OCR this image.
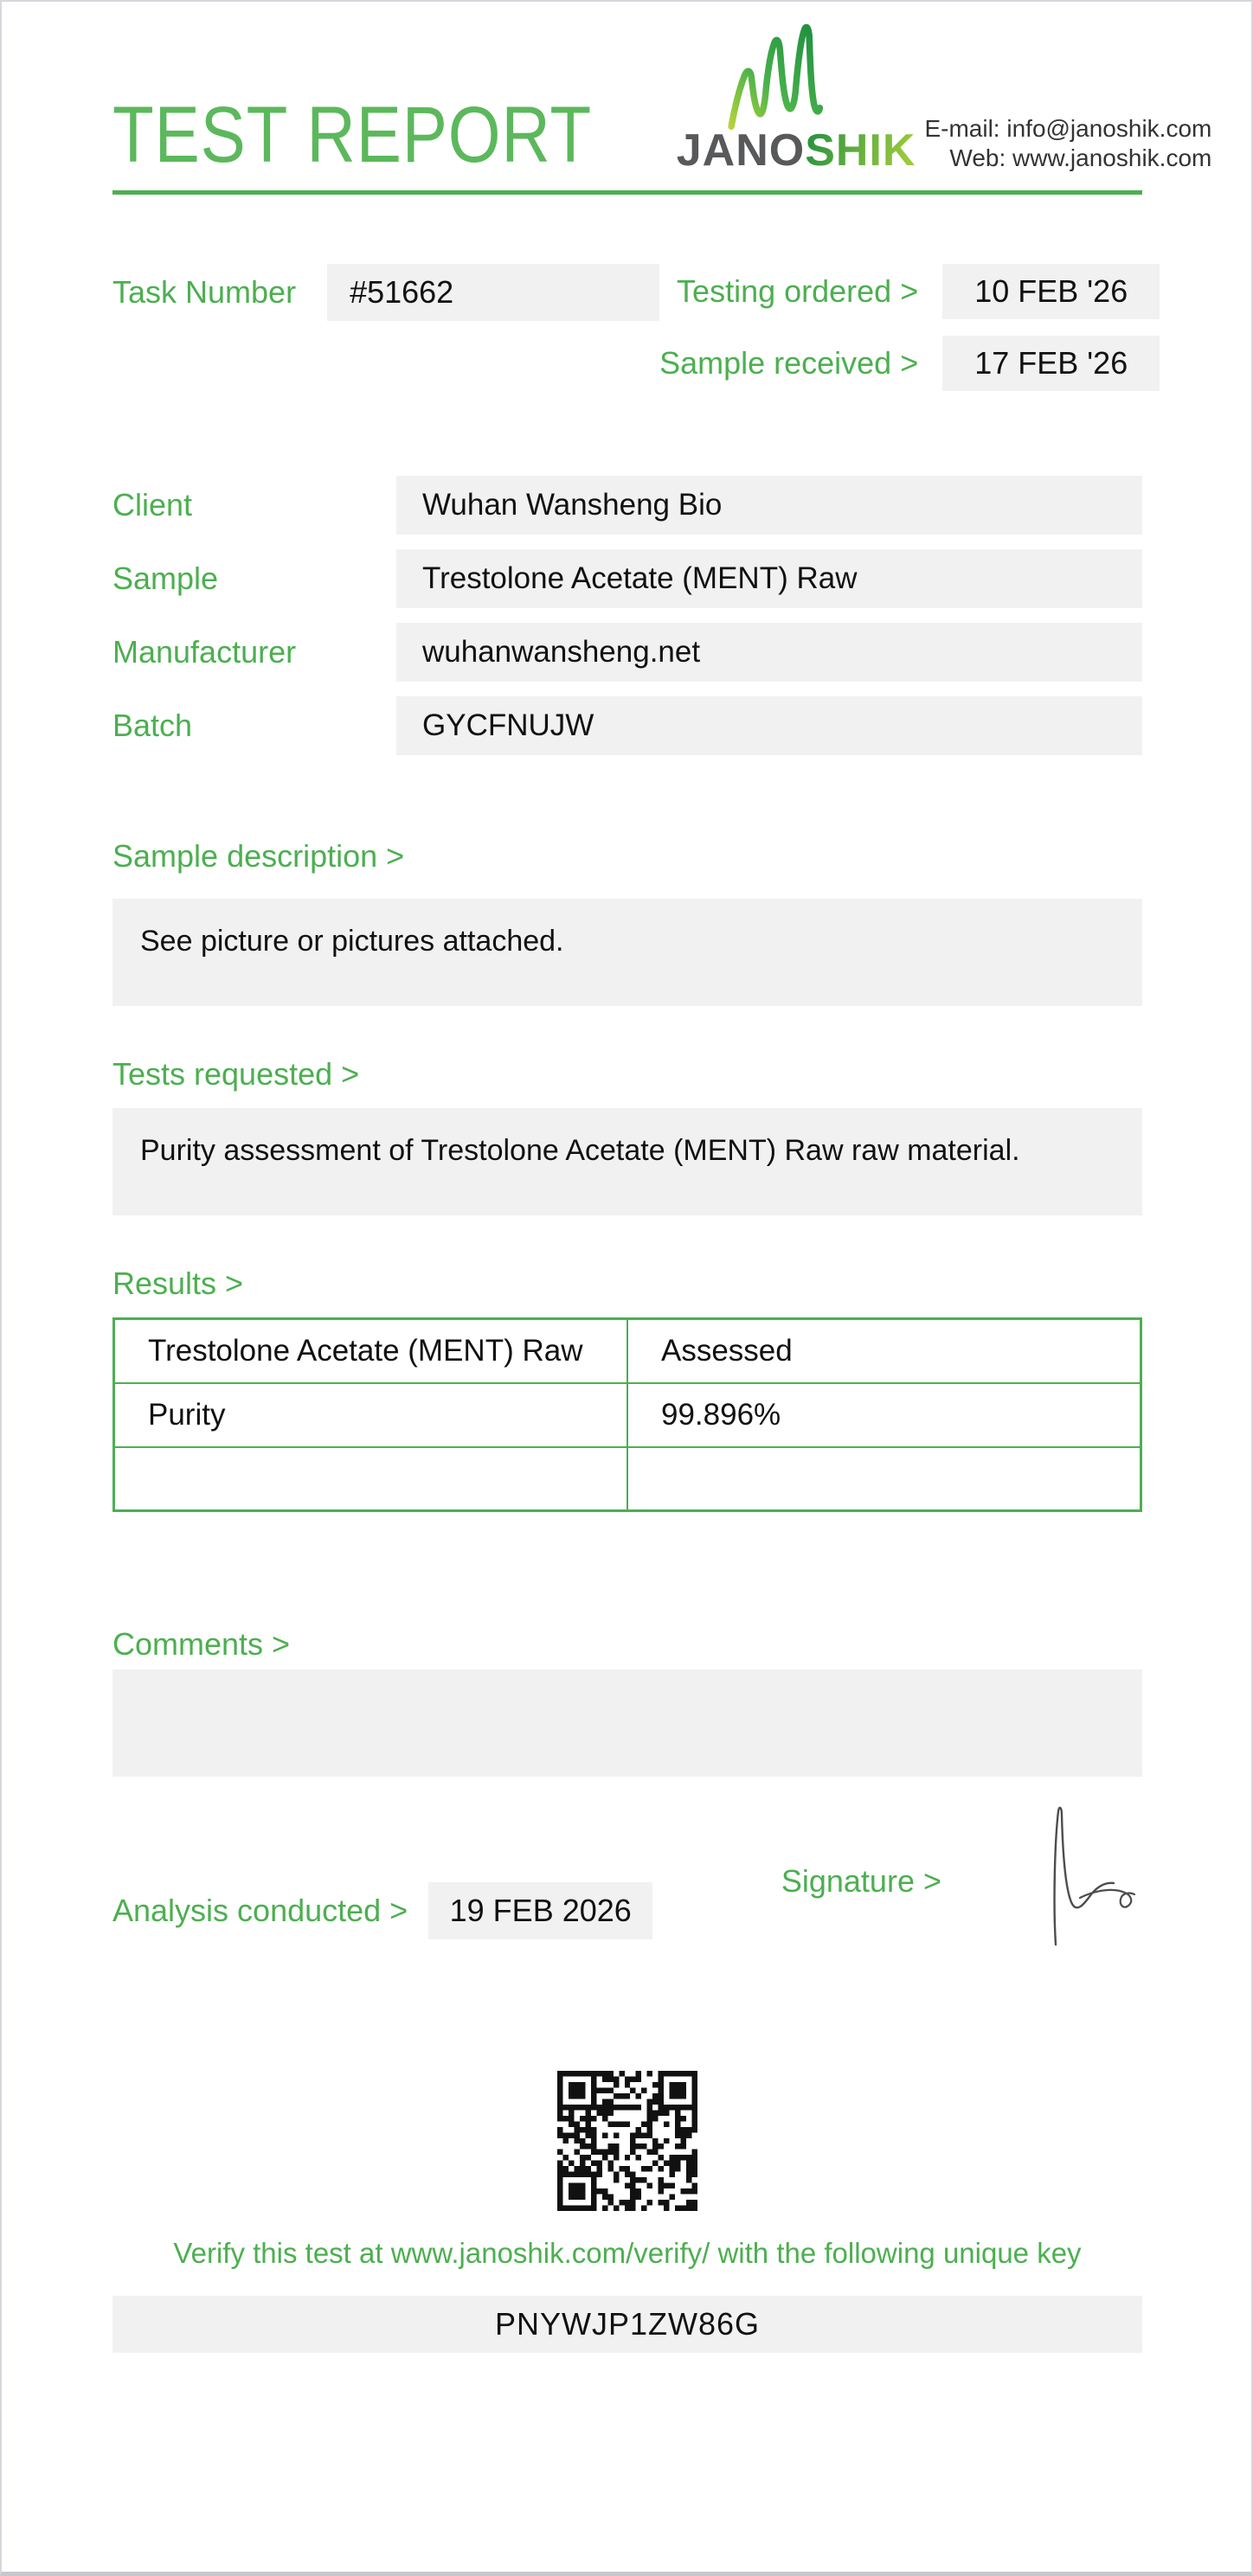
TEST REPORT JANOSHIK E-mail: info@janoshik.com
Web: www.janoshik.com
Task Number	#51662	Testing ordered >	10 FEB '26
Sample received >	17 FEB '26
Client	Wuhan Wansheng Bio
Sample	Trestolone Acetate (MENT) Raw
Manufacturer	wuhanwansheng.net
Batch	GYCFNUJW
Sample description >
See picture or pictures attached.
Tests requested >
Purity assessment of Trestolone Acetate (MENT) Raw raw material.
Results >
Trestolone Acetate (MENT) Raw	Assessed
Purity	99.896%

Comments >
Analysis conducted >	19 FEB 2026
Signature >
Verify this test at www.janoshik.com/verify/ with the following unique key
PNYWJP1ZW86G
